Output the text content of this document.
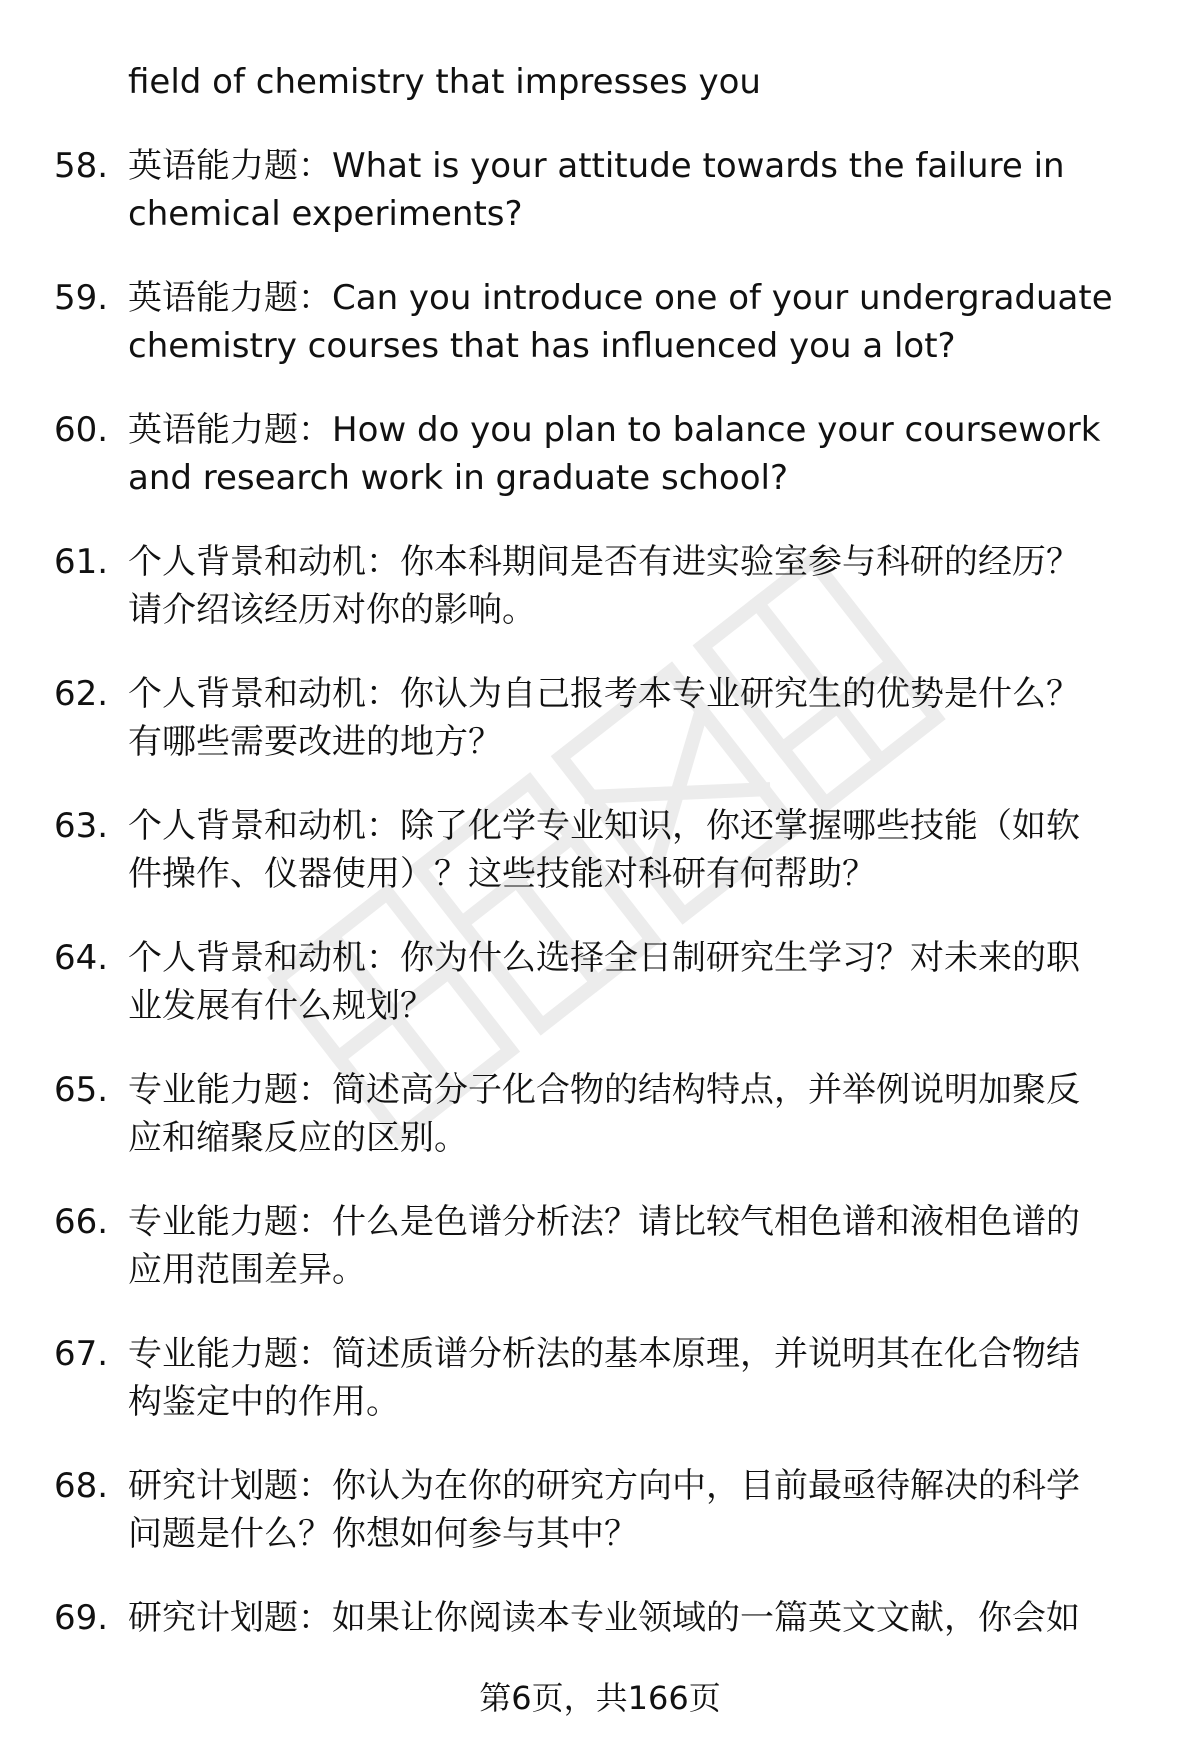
field of chemistry that impresses you
58. 英语能力题：What is your attitude towards the failure in
chemical experiments?
59. 英语能力题：Can you introduce one of your undergraduate
chemistry courses that has influenced you a lot?
60. 英语能力题：How do you plan to balance your coursework
and research work in graduate school?
61. 个人背景和动机：你本科期间是否有进实验室参与科研的经历？
请介绍该经历对你的影响。
62. 个人背景和动机：你认为自己报考本专业研究生的优势是什么？
有哪些需要改进的地方？
63. 个人背景和动机：除了化学专业知识，你还掌握哪些技能（如软
件操作、仪器使用）？这些技能对科研有何帮助？
64. 个人背景和动机：你为什么选择全日制研究生学习？对未来的职
业发展有什么规划？
65. 专业能力题：简述高分子化合物的结构特点，并举例说明加聚反
应和缩聚反应的区别。
66. 专业能力题：什么是色谱分析法？请比较气相色谱和液相色谱的
应用范围差异。
67. 专业能力题：简述质谱分析法的基本原理，并说明其在化合物结
构鉴定中的作用。
68. 研究计划题：你认为在你的研究方向中，目前最亟待解决的科学
问题是什么？你想如何参与其中？
69. 研究计划题：如果让你阅读本专业领域的一篇英文文献，你会如
第6页，共166页
